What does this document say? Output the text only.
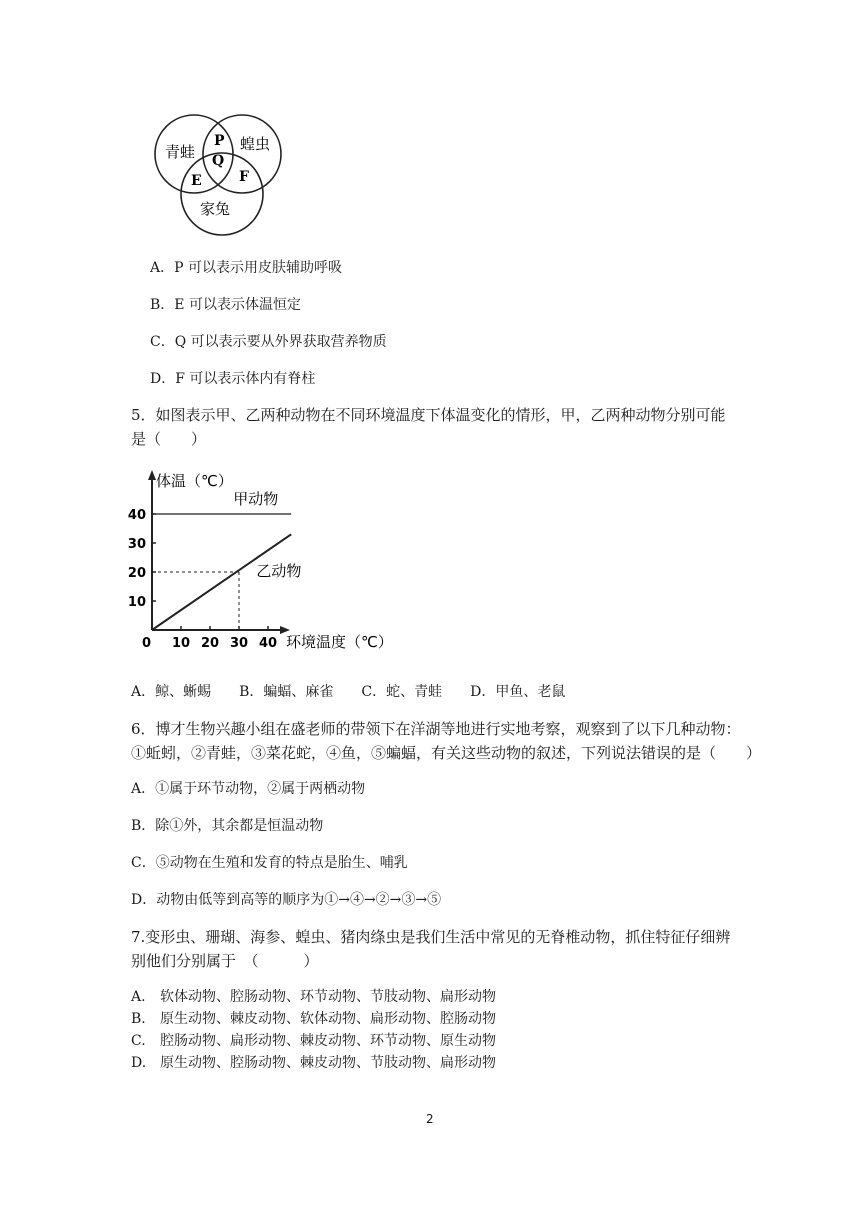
青蛙	蝗虫
家兔
P
Q
E	F
A．P 可以表示用皮肤辅助呼吸
B．E 可以表示体温恒定
C．Q 可以表示要从外界获取营养物质
D．F 可以表示体内有脊柱
5．如图表示甲、乙两种动物在不同环境温度下体温变化的情形，甲，乙两种动物分别可能
是（　　）
体温（℃）
环境温度（℃）
0 10 20 30 40
10
20
30
40
甲动物
乙动物
A．鲸、蜥蜴　　B．蝙蝠、麻雀　　C．蛇、青蛙　　D．甲鱼、老鼠
6．博才生物兴趣小组在盛老师的带领下在洋湖等地进行实地考察，观察到了以下几种动物：
①蚯蚓，②青蛙，③菜花蛇，④鱼，⑤蝙蝠，有关这些动物的叙述，下列说法错误的是（　　）
A．①属于环节动物，②属于两栖动物
B．除①外，其余都是恒温动物
C．⑤动物在生殖和发育的特点是胎生、哺乳
D．动物由低等到高等的顺序为①→④→②→③→⑤
7.变形虫、珊瑚、海参、蝗虫、猪肉绦虫是我们生活中常见的无脊椎动物，抓住特征仔细辨
别他们分别属于　（　　　）
A. 软体动物、腔肠动物、环节动物、节肢动物、扁形动物
B. 原生动物、棘皮动物、软体动物、扁形动物、腔肠动物
C. 腔肠动物、扁形动物、棘皮动物、环节动物、原生动物
D. 原生动物、腔肠动物、棘皮动物、节肢动物、扁形动物
2
